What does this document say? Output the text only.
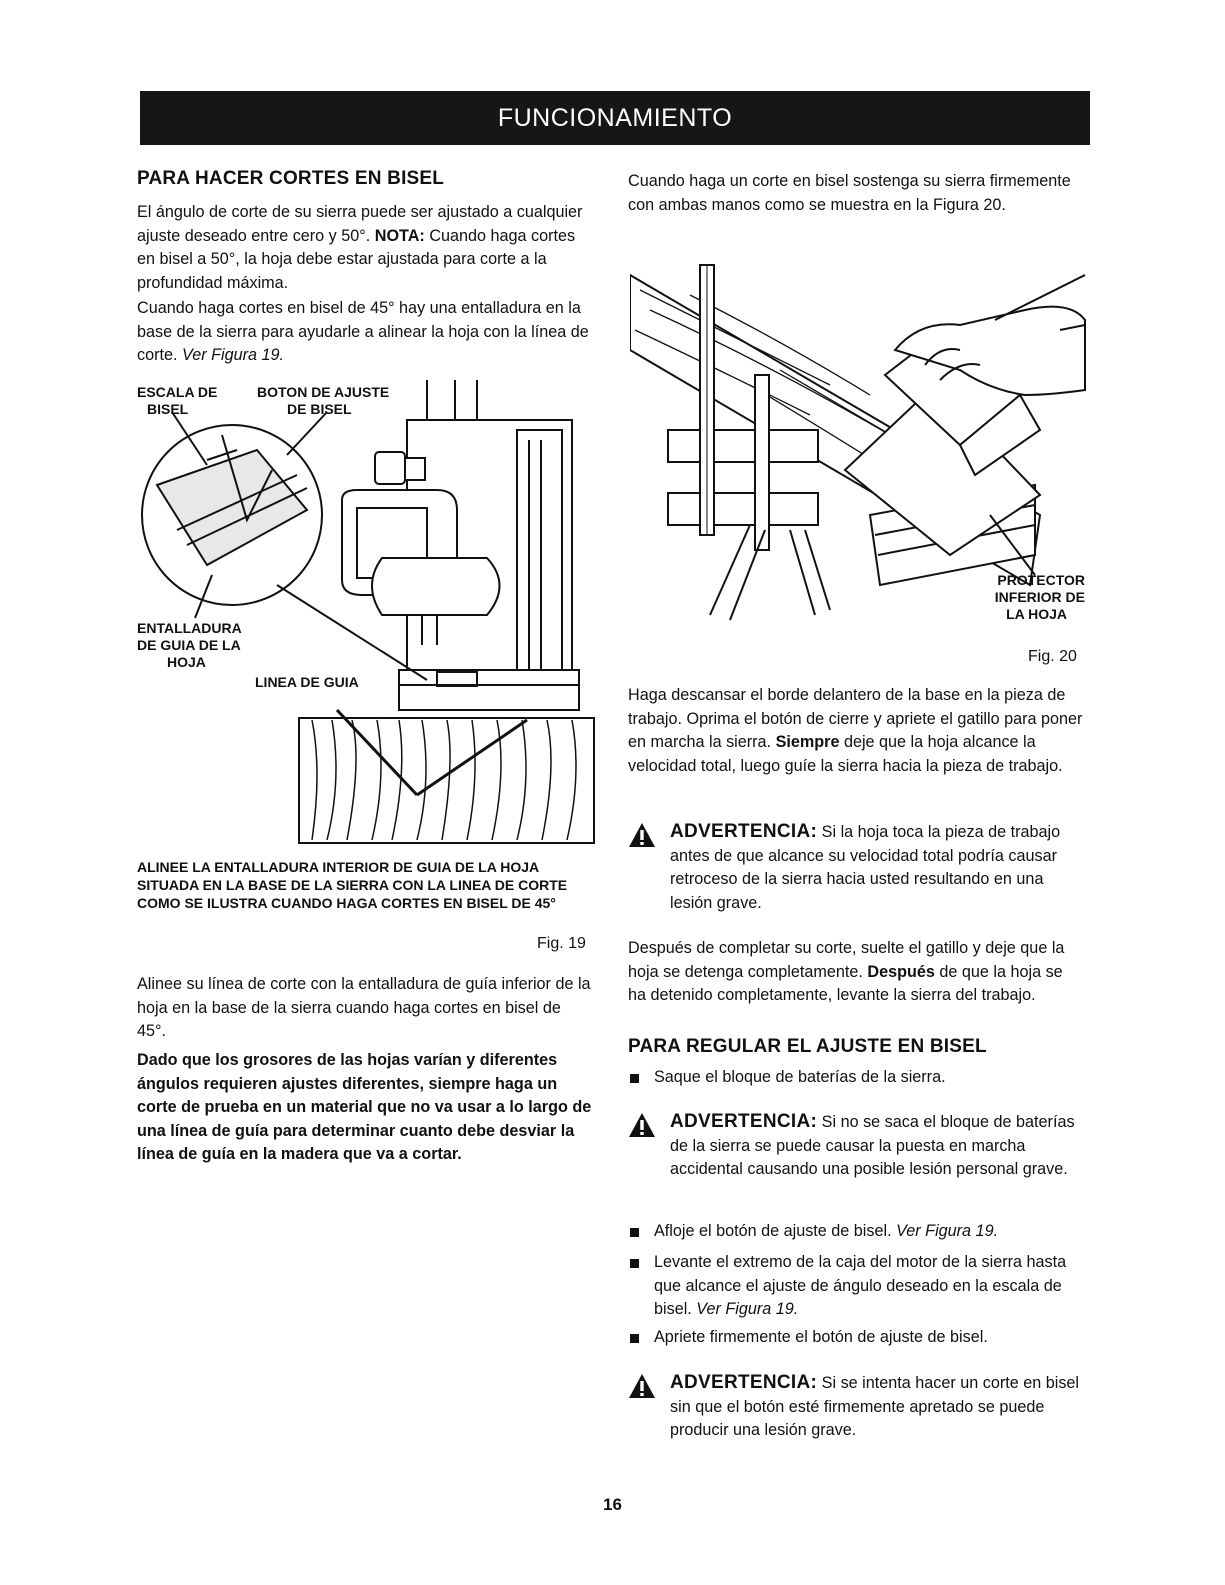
FUNCIONAMIENTO
PARA HACER CORTES EN BISEL

El ángulo de corte de su sierra puede ser ajustado a cualquier ajuste deseado entre cero y 50°. NOTA: Cuando haga cortes en bisel a 50°, la hoja debe estar ajustada para corte a la profundidad máxima.

Cuando haga cortes en bisel de 45° hay una entalladura en la base de la sierra para ayudarle a alinear la hoja con la línea de corte. Ver Figura 19.

ESCALA DE
BISEL
BOTON DE AJUSTE
DE BISEL
ENTALLADURA
DE GUIA DE LA
HOJA
LINEA DE GUIA
ALINEE LA ENTALLADURA INTERIOR DE GUIA DE LA HOJA SITUADA EN LA BASE DE LA SIERRA CON LA LINEA DE CORTE COMO SE ILUSTRA CUANDO HAGA CORTES EN BISEL DE 45°
Fig. 19

Alinee su línea de corte con la entalladura de guía inferior de la hoja en la base de la sierra cuando haga cortes en bisel de 45°.

Dado que los grosores de las hojas varían y diferentes ángulos requieren ajustes diferentes, siempre haga un corte de prueba en un material que no va usar a lo largo de una línea de guía para determinar cuanto debe desviar la línea de guía en la madera que va a cortar.

Cuando haga un corte en bisel sostenga su sierra firmemente con ambas manos como se muestra en la Figura 20.

PROTECTOR
INFERIOR DE
LA HOJA
Fig. 20

Haga descansar el borde delantero de la base en la pieza de trabajo. Oprima el botón de cierre y apriete el gatillo para poner en marcha la sierra. Siempre deje que la hoja alcance la velocidad total, luego guíe la sierra hacia la pieza de trabajo.

ADVERTENCIA: Si la hoja toca la pieza de trabajo antes de que alcance su velocidad total podría causar retroceso de la sierra hacia usted resultando en una lesión grave.

Después de completar su corte, suelte el gatillo y deje que la hoja se detenga completamente. Después de que la hoja se ha detenido completamente, levante la sierra del trabajo.

PARA REGULAR EL AJUSTE EN BISEL
Saque el bloque de baterías de la sierra.
ADVERTENCIA: Si no se saca el bloque de baterías de la sierra se puede causar la puesta en marcha accidental causando una posible lesión personal grave.
Afloje el botón de ajuste de bisel. Ver Figura 19.
Levante el extremo de la caja del motor de la sierra hasta que alcance el ajuste de ángulo deseado en la escala de bisel. Ver Figura 19.
Apriete firmemente el botón de ajuste de bisel.
ADVERTENCIA: Si se intenta hacer un corte en bisel sin que el botón esté firmemente apretado se puede producir una lesión grave.
16
